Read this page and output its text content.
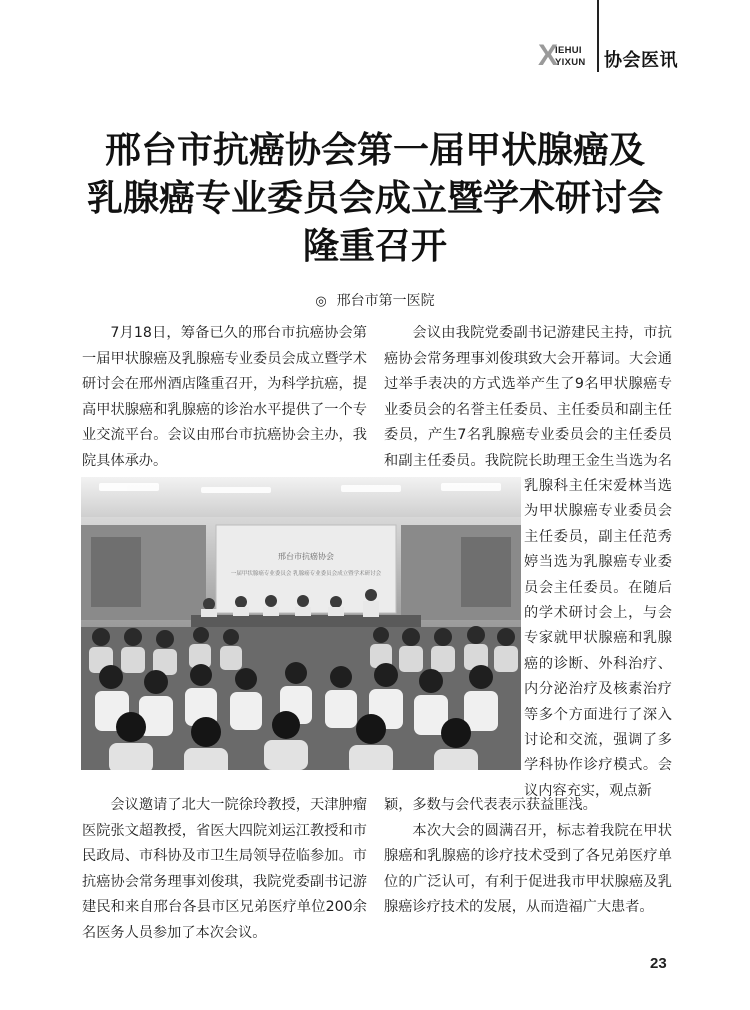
X
IEHUI
YIXUN 协会医讯
邢台市抗癌协会第一届甲状腺癌及
乳腺癌专业委员会成立暨学术研讨会
隆重召开
◎ 邢台市第一医院

7月18日，筹备已久的邢台市抗癌协会第一届甲状腺癌及乳腺癌专业委员会成立暨学术研讨会在邢州酒店隆重召开，为科学抗癌，提高甲状腺癌和乳腺癌的诊治水平提供了一个专业交流平台。会议由邢台市抗癌协会主办，我院具体承办。

会议邀请了北大一院徐玲教授，天津肿瘤医院张文超教授，省医大四院刘运江教授和市民政局、市科协及市卫生局领导莅临参加。市抗癌协会常务理事刘俊琪，我院党委副书记游建民和来自邢台各县市区兄弟医疗单位200余名医务人员参加了本次会议。

会议由我院党委副书记游建民主持，市抗癌协会常务理事刘俊琪致大会开幕词。大会通过举手表决的方式选举产生了9名甲状腺癌专业委员会的名誉主任委员、主任委员和副主任委员，产生7名乳腺癌专业委员会的主任委员和副主任委员。我院院长助理王金生当选为名

乳腺科主任宋爱林当选为甲状腺癌专业委员会主任委员，副主任范秀婷当选为乳腺癌专业委员会主任委员。在随后的学术研讨会上，与会专家就甲状腺癌和乳腺癌的诊断、外科治疗、内分泌治疗及核素治疗等多个方面进行了深入讨论和交流，强调了多学科协作诊疗模式。会议内容充实，观点新

颖，多数与会代表表示获益匪浅。

本次大会的圆满召开，标志着我院在甲状腺癌和乳腺癌的诊疗技术受到了各兄弟医疗单位的广泛认可，有利于促进我市甲状腺癌及乳腺癌诊疗技术的发展，从而造福广大患者。

邢台市抗癌协会
一届甲状腺癌专业委员会 乳腺癌专业委员会成立暨学术研讨会
23
